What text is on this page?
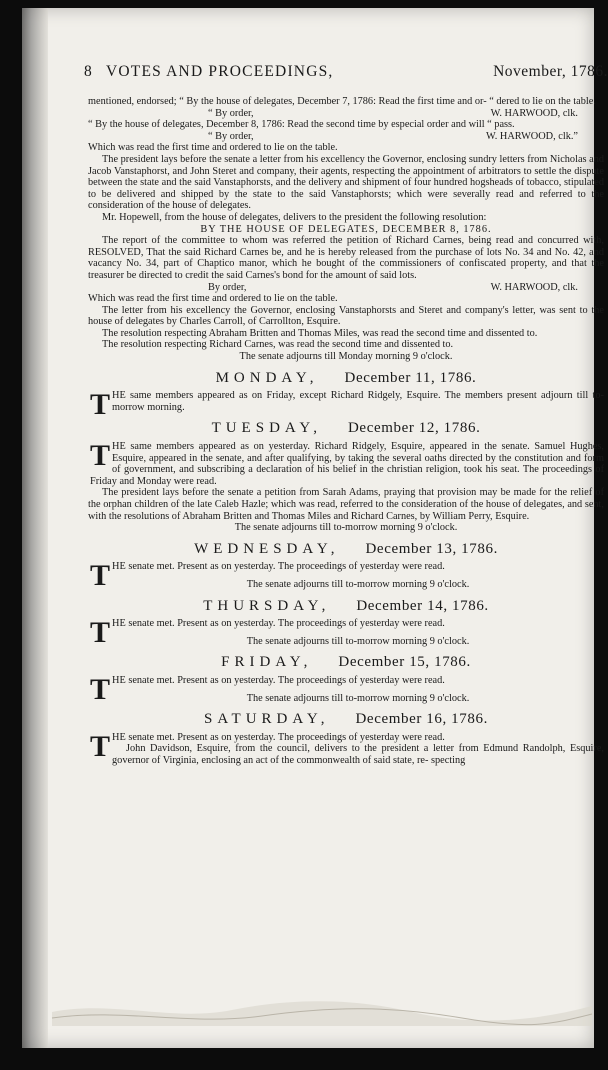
8 VOTES AND PROCEEDINGS,	November, 1786.

mentioned, endorsed; “ By the house of delegates, December 7, 1786: Read the first time and or- “ dered to lie on the table.

“ By order,	W. HARWOOD, clk.

“ By the house of delegates, December 8, 1786: Read the second time by especial order and will “ pass.

“ By order,	W. HARWOOD, clk.”

Which was read the first time and ordered to lie on the table.

The president lays before the senate a letter from his excellency the Governor, enclosing sundry letters from Nicholas and Jacob Vanstaphorst, and John Steret and company, their agents, respecting the appointment of arbitrators to settle the dispute between the state and the said Vanstaphorsts, and the delivery and shipment of four hundred hogsheads of tobacco, stipulated to be delivered and shipped by the state to the said Vanstaphorsts; which were severally read and referred to the consideration of the house of delegates.

Mr. Hopewell, from the house of delegates, delivers to the president the following resolution:

BY THE HOUSE OF DELEGATES, DECEMBER 8, 1786.

The report of the committee to whom was referred the petition of Richard Carnes, being read and concurred with, RESOLVED, That the said Richard Carnes be, and he is hereby released from the purchase of lots No. 34 and No. 42, and vacancy No. 34, part of Chaptico manor, which he bought of the commissioners of confiscated property, and that the treasurer be directed to credit the said Carnes's bond for the amount of said lots.

By order,	W. HARWOOD, clk.

Which was read the first time and ordered to lie on the table.

The letter from his excellency the Governor, enclosing Vanstaphorsts and Steret and company's letter, was sent to the house of delegates by Charles Carroll, of Carrollton, Esquire.

The resolution respecting Abraham Britten and Thomas Miles, was read the second time and dissented to.

The resolution respecting Richard Carnes, was read the second time and dissented to.

The senate adjourns till Monday morning 9 o'clock.

MONDAY, December 11, 1786.
T HE same members appeared as on Friday, except Richard Ridgely, Esquire. The members present adjourn till to-morrow morning.

TUESDAY, December 12, 1786.
T HE same members appeared as on yesterday. Richard Ridgely, Esquire, appeared in the senate. Samuel Hughes, Esquire, appeared in the senate, and after qualifying, by taking the several oaths directed by the constitution and form of government, and subscribing a declaration of his belief in the christian religion, took his seat. The proceedings of Friday and Monday were read.

The president lays before the senate a petition from Sarah Adams, praying that provision may be made for the relief of the orphan children of the late Caleb Hazle; which was read, referred to the consideration of the house of delegates, and sent, with the resolutions of Abraham Britten and Thomas Miles and Richard Carnes, by William Perry, Esquire.

The senate adjourns till to-morrow morning 9 o'clock.

WEDNESDAY, December 13, 1786.
T HE senate met. Present as on yesterday. The proceedings of yesterday were read.

The senate adjourns till to-morrow morning 9 o'clock.

THURSDAY, December 14, 1786.
T HE senate met. Present as on yesterday. The proceedings of yesterday were read.

The senate adjourns till to-morrow morning 9 o'clock.

FRIDAY, December 15, 1786.
T HE senate met. Present as on yesterday. The proceedings of yesterday were read.

The senate adjourns till to-morrow morning 9 o'clock.

SATURDAY, December 16, 1786.
T HE senate met. Present as on yesterday. The proceedings of yesterday were read.

John Davidson, Esquire, from the council, delivers to the president a letter from Edmund Randolph, Esquire, governor of Virginia, enclosing an act of the commonwealth of said state, re- specting
